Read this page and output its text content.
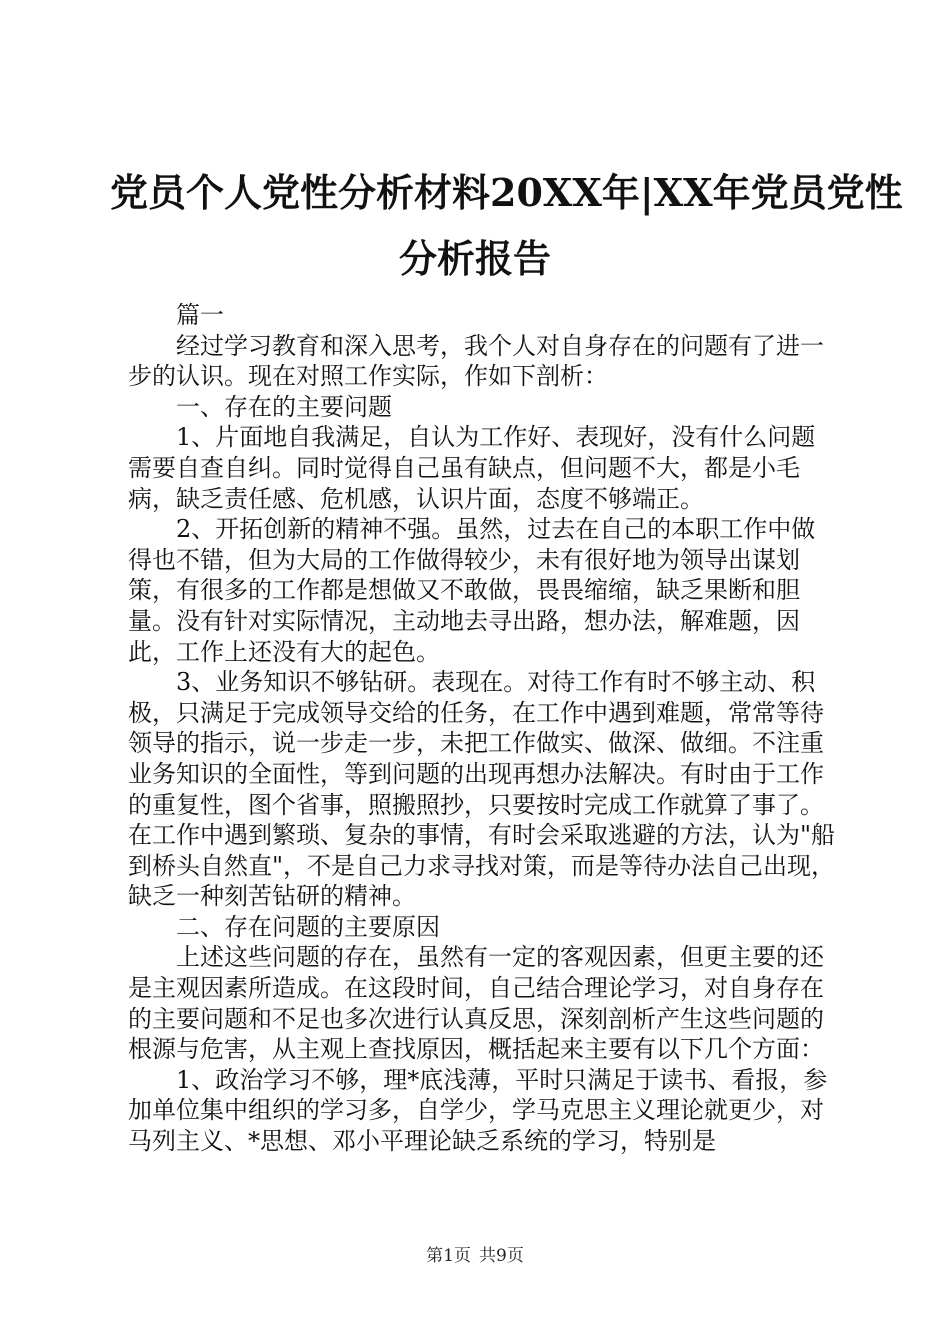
党员个人党性分析材料20XX年|XX年党员党性
分析报告

篇一

经过学习教育和深入思考，我个人对自身存在的问题有了进一步的认识。现在对照工作实际，作如下剖析：

一、存在的主要问题

1、片面地自我满足，自认为工作好、表现好，没有什么问题需要自查自纠。同时觉得自己虽有缺点，但问题不大，都是小毛病，缺乏责任感、危机感，认识片面，态度不够端正。

2、开拓创新的精神不强。虽然，过去在自己的本职工作中做得也不错，但为大局的工作做得较少，未有很好地为领导出谋划策，有很多的工作都是想做又不敢做，畏畏缩缩，缺乏果断和胆量。没有针对实际情况，主动地去寻出路，想办法，解难题，因此，工作上还没有大的起色。

3、业务知识不够钻研。表现在。对待工作有时不够主动、积极，只满足于完成领导交给的任务，在工作中遇到难题，常常等待领导的指示，说一步走一步，未把工作做实、做深、做细。不注重业务知识的全面性，等到问题的出现再想办法解决。有时由于工作的重复性，图个省事，照搬照抄，只要按时完成工作就算了事了。在工作中遇到繁琐、复杂的事情，有时会采取逃避的方法，认为"船到桥头自然直"，不是自己力求寻找对策，而是等待办法自己出现，缺乏一种刻苦钻研的精神。

二、存在问题的主要原因

上述这些问题的存在，虽然有一定的客观因素，但更主要的还是主观因素所造成。在这段时间，自己结合理论学习，对自身存在的主要问题和不足也多次进行认真反思，深刻剖析产生这些问题的根源与危害，从主观上查找原因，概括起来主要有以下几个方面：

1、政治学习不够，理*底浅薄，平时只满足于读书、看报，参加单位集中组织的学习多，自学少，学马克思主义理论就更少，对马列主义、*思想、邓小平理论缺乏系统的学习，特别是

第1页 共9页
